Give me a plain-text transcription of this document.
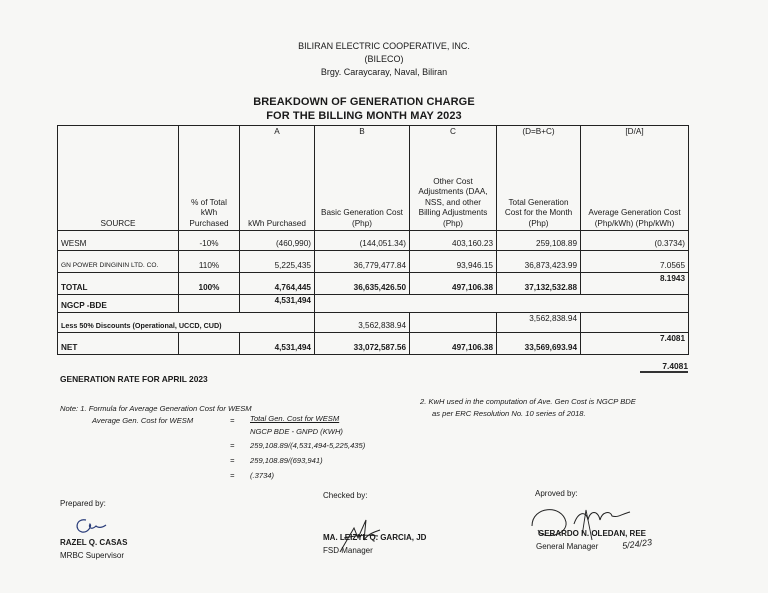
BILIRAN ELECTRIC COOPERATIVE, INC.
(BILECO)
Brgy. Caraycaray, Naval, Biliran
BREAKDOWN OF GENERATION CHARGE
FOR THE BILLING MONTH MAY 2023
SOURCE	% of Total kWh Purchased	A	B	C	(D=B+C)	[D/A]
		kWh Purchased	Basic Generation Cost (Php)	Other Cost Adjustments (DAA, NSS, and other Billing Adjustments (Php)	Total Generation Cost for the Month (Php)	Average Generation Cost (Php/kWh) (Php/kWh)
WESM	-10%	(460,990)	(144,051.34)	403,160.23	259,108.89	(0.3734)
GN POWER DINGININ LTD. CO.	110%	5,225,435	36,779,477.84	93,946.15	36,873,423.99	7.0565
TOTAL	100%	4,764,445	36,635,426.50	497,106.38	37,132,532.88	8.1943
NGCP -BDE		4,531,494				
Less 50% Discounts (Operational, UCCD, CUD)			3,562,838.94		3,562,838.94	
NET		4,531,494	33,072,587.56	497,106.38	33,569,693.94	7.4081
GENERATION RATE FOR APRIL 2023
7.4081
Note: 1. Formula for Average Generation Cost for WESM
Average Gen. Cost for WESM	= Total Gen. Cost for WESM
NGCP BDE - GNPD (KWH)
= 259,108.89/(4,531,494-5,225,435)
= 259,108.89/(693,941)
= (.3734)
2. KwH used in the computation of Ave. Gen Cost is NGCP BDE
as per ERC Resolution No. 10 series of 2018.
Prepared by:
RAZEL Q. CASAS
MRBC Supervisor
Checked by:
MA. LEIZYL Q. GARCIA, JD
FSD Manager
Aproved by:
GERARDO N. OLEDAN, REE
General Manager	5/24/23
